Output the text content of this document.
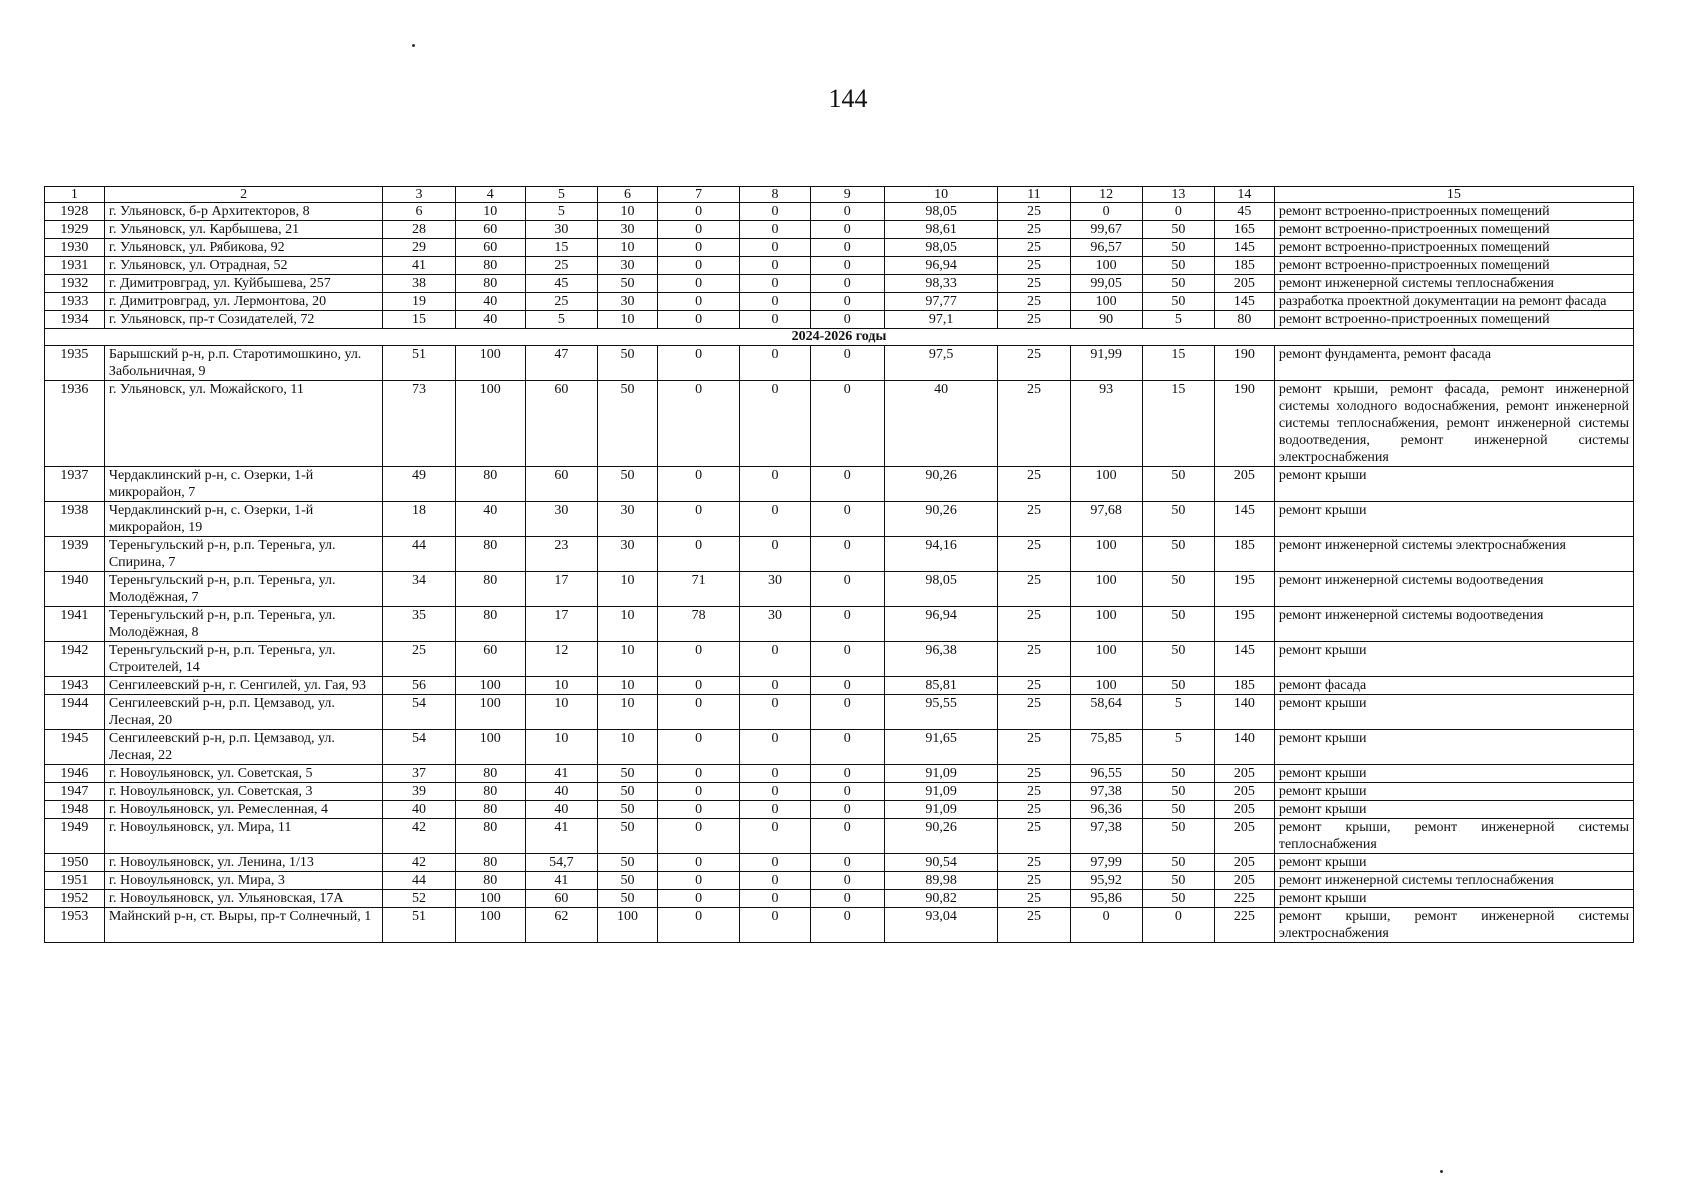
144
1	2	3	4	5	6	7	8	9	10	11	12	13	14	15
1928	г. Ульяновск, б-р Архитекторов, 8	6	10	5	10	0	0	0	98,05	25	0	0	45	ремонт встроенно-пристроенных помещений
1929	г. Ульяновск, ул. Карбышева, 21	28	60	30	30	0	0	0	98,61	25	99,67	50	165	ремонт встроенно-пристроенных помещений
1930	г. Ульяновск, ул. Рябикова, 92	29	60	15	10	0	0	0	98,05	25	96,57	50	145	ремонт встроенно-пристроенных помещений
1931	г. Ульяновск, ул. Отрадная, 52	41	80	25	30	0	0	0	96,94	25	100	50	185	ремонт встроенно-пристроенных помещений
1932	г. Димитровград, ул. Куйбышева, 257	38	80	45	50	0	0	0	98,33	25	99,05	50	205	ремонт инженерной системы теплоснабжения
1933	г. Димитровград, ул. Лермонтова, 20	19	40	25	30	0	0	0	97,77	25	100	50	145	разработка проектной документации на ремонт фасада
1934	г. Ульяновск, пр-т Созидателей, 72	15	40	5	10	0	0	0	97,1	25	90	5	80	ремонт встроенно-пристроенных помещений
2024-2026 годы														
1935	Барышский р-н, р.п. Старотимошкино, ул. Забольничная, 9	51	100	47	50	0	0	0	97,5	25	91,99	15	190	ремонт фундамента, ремонт фасада
1936	г. Ульяновск, ул. Можайского, 11	73	100	60	50	0	0	0	40	25	93	15	190	ремонт крыши, ремонт фасада, ремонт инженерной системы холодного водоснабжения, ремонт инженерной системы теплоснабжения, ремонт инженерной системы водоотведения, ремонт инженерной системы электроснабжения
1937	Чердаклинский р-н, с. Озерки, 1-й микрорайон, 7	49	80	60	50	0	0	0	90,26	25	100	50	205	ремонт крыши
1938	Чердаклинский р-н, с. Озерки, 1-й микрорайон, 19	18	40	30	30	0	0	0	90,26	25	97,68	50	145	ремонт крыши
1939	Тереньгульский р-н, р.п. Тереньга, ул. Спирина, 7	44	80	23	30	0	0	0	94,16	25	100	50	185	ремонт инженерной системы электроснабжения
1940	Тереньгульский р-н, р.п. Тереньга, ул. Молодёжная, 7	34	80	17	10	71	30	0	98,05	25	100	50	195	ремонт инженерной системы водоотведения
1941	Тереньгульский р-н, р.п. Тереньга, ул. Молодёжная, 8	35	80	17	10	78	30	0	96,94	25	100	50	195	ремонт инженерной системы водоотведения
1942	Тереньгульский р-н, р.п. Тереньга, ул. Строителей, 14	25	60	12	10	0	0	0	96,38	25	100	50	145	ремонт крыши
1943	Сенгилеевский р-н, г. Сенгилей, ул. Гая, 93	56	100	10	10	0	0	0	85,81	25	100	50	185	ремонт фасада
1944	Сенгилеевский р-н, р.п. Цемзавод, ул. Лесная, 20	54	100	10	10	0	0	0	95,55	25	58,64	5	140	ремонт крыши
1945	Сенгилеевский р-н, р.п. Цемзавод, ул. Лесная, 22	54	100	10	10	0	0	0	91,65	25	75,85	5	140	ремонт крыши
1946	г. Новоульяновск, ул. Советская, 5	37	80	41	50	0	0	0	91,09	25	96,55	50	205	ремонт крыши
1947	г. Новоульяновск, ул. Советская, 3	39	80	40	50	0	0	0	91,09	25	97,38	50	205	ремонт крыши
1948	г. Новоульяновск, ул. Ремесленная, 4	40	80	40	50	0	0	0	91,09	25	96,36	50	205	ремонт крыши
1949	г. Новоульяновск, ул. Мира, 11	42	80	41	50	0	0	0	90,26	25	97,38	50	205	ремонт крыши, ремонт инженерной системы теплоснабжения
1950	г. Новоульяновск, ул. Ленина, 1/13	42	80	54,7	50	0	0	0	90,54	25	97,99	50	205	ремонт крыши
1951	г. Новоульяновск, ул. Мира, 3	44	80	41	50	0	0	0	89,98	25	95,92	50	205	ремонт инженерной системы теплоснабжения
1952	г. Новоульяновск, ул. Ульяновская, 17А	52	100	60	50	0	0	0	90,82	25	95,86	50	225	ремонт крыши
1953	Майнский р-н, ст. Выры, пр-т Солнечный, 1	51	100	62	100	0	0	0	93,04	25	0	0	225	ремонт крыши, ремонт инженерной системы электроснабжения
